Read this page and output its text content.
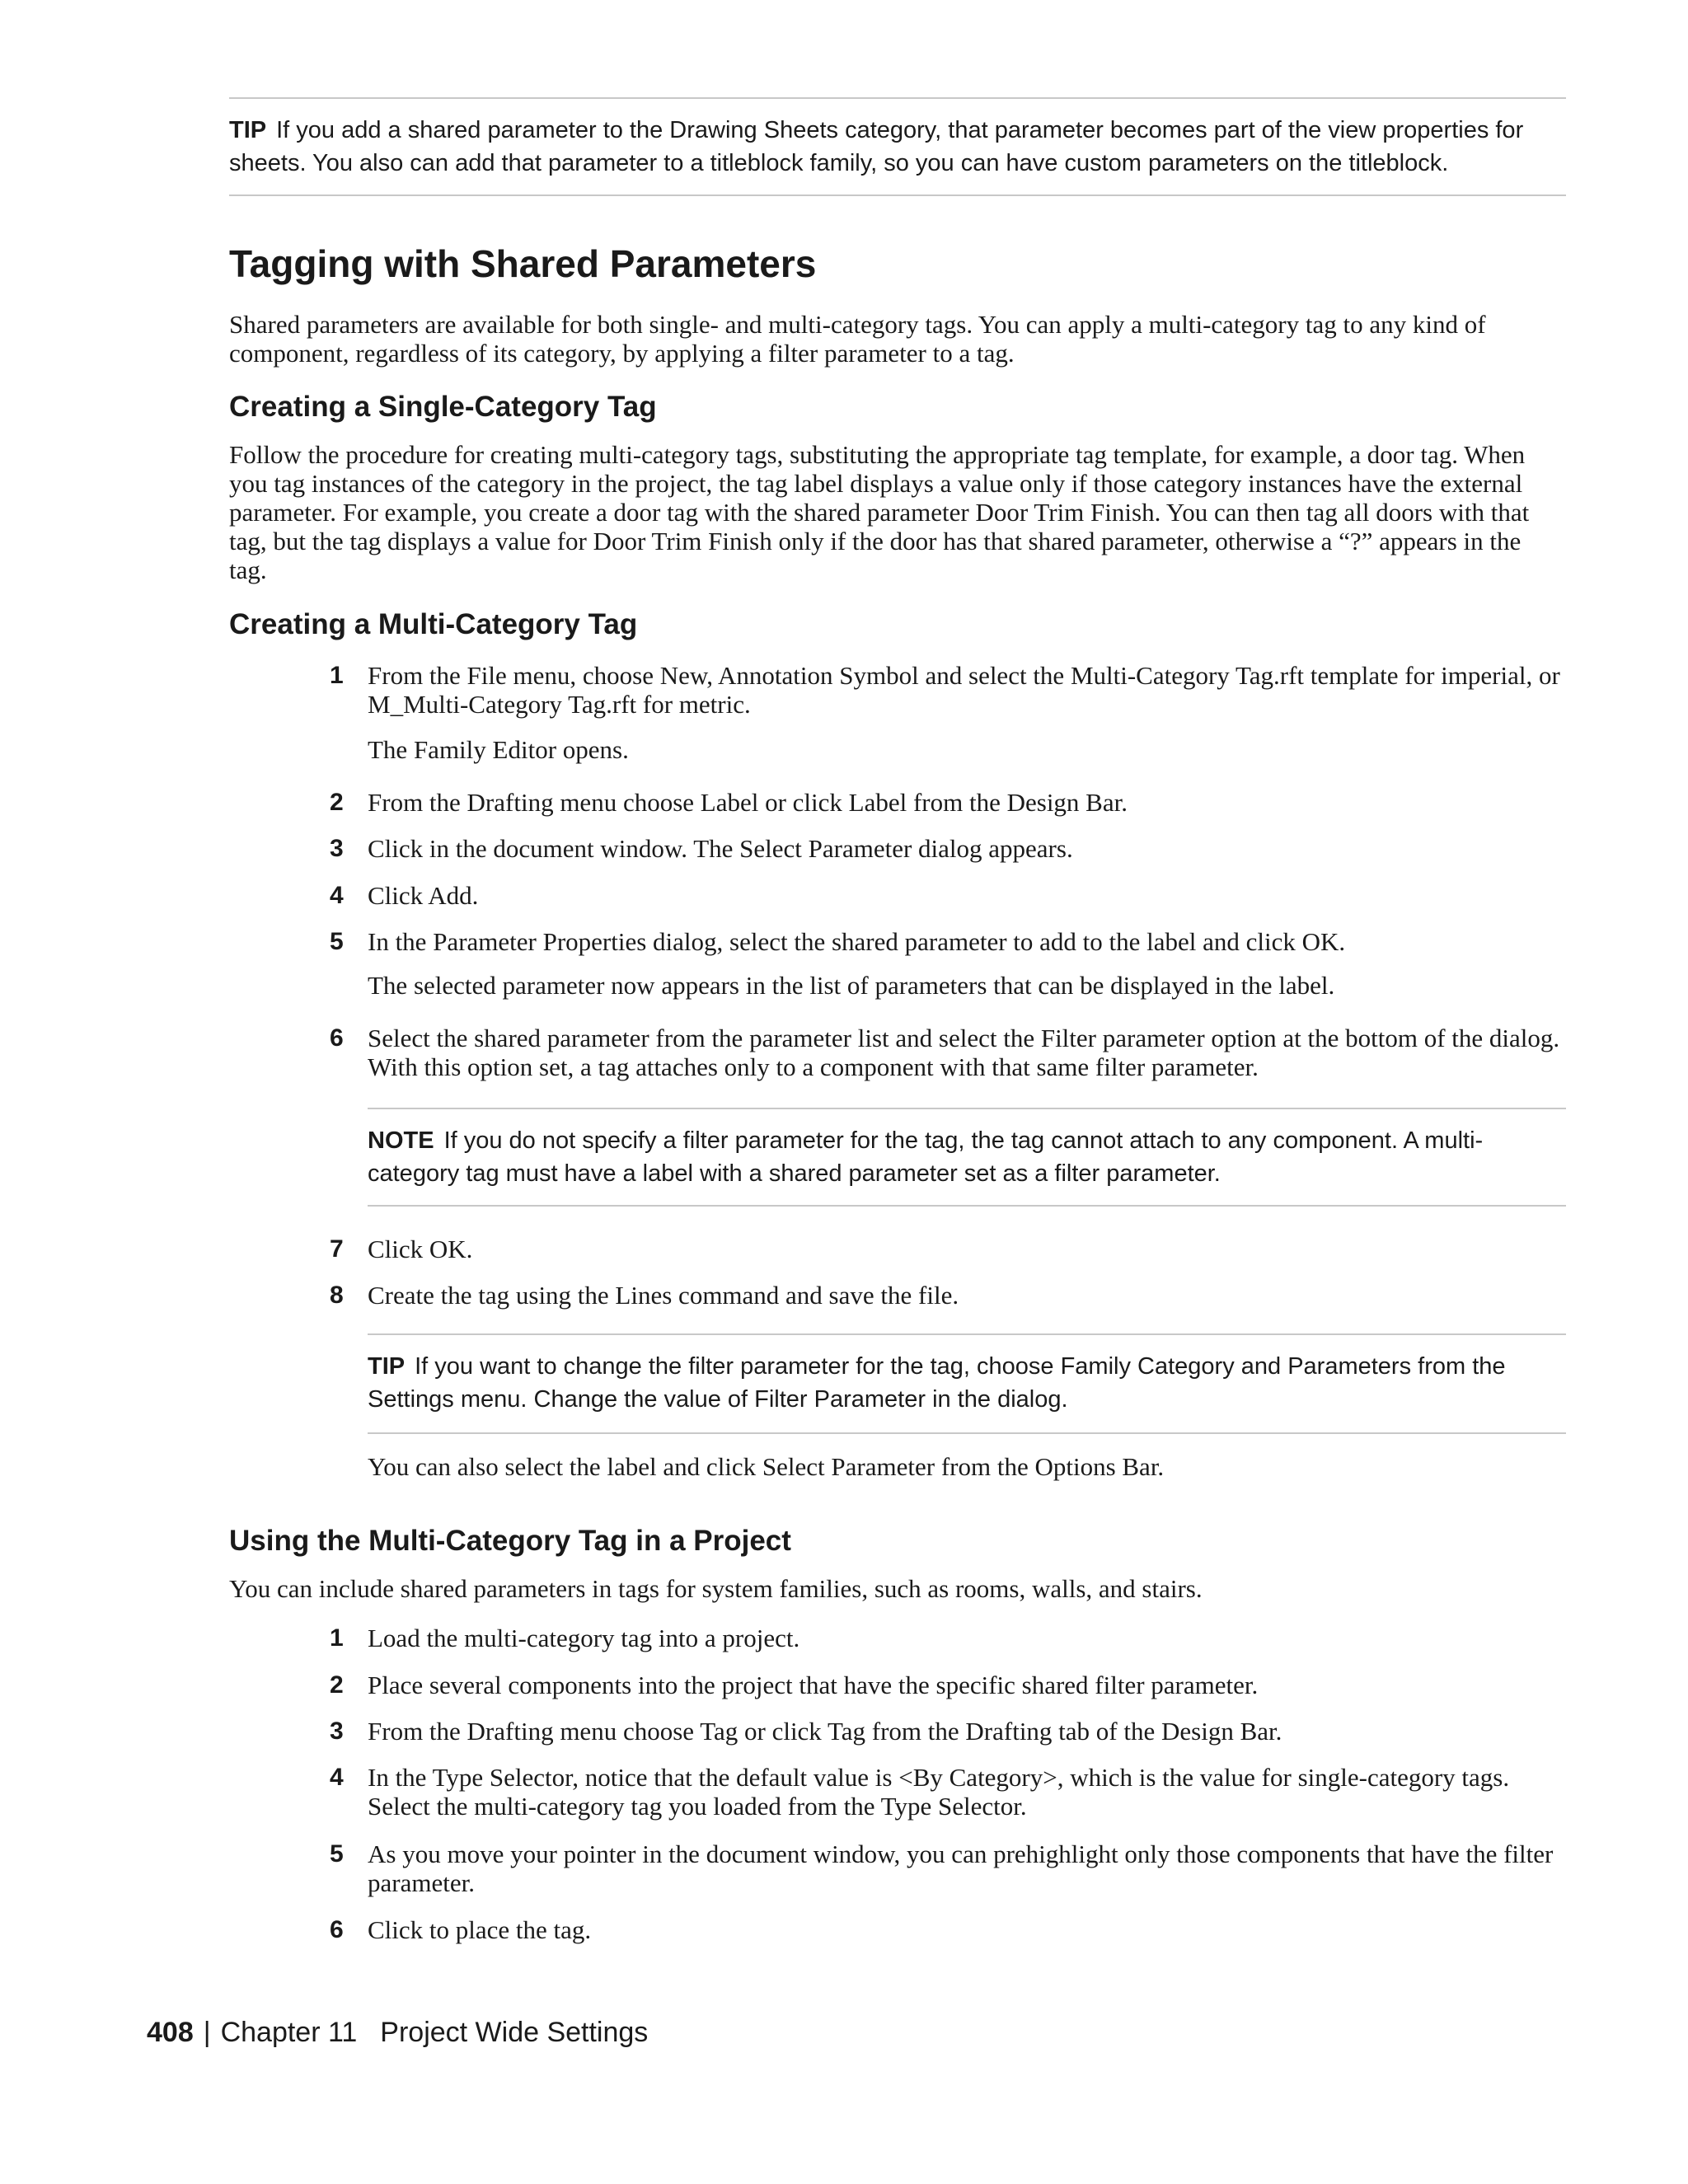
TIP If you add a shared parameter to the Drawing Sheets category, that parameter becomes part of the view properties for sheets. You also can add that parameter to a titleblock family, so you can have custom parameters on the titleblock.
Tagging with Shared Parameters

Shared parameters are available for both single- and multi-category tags. You can apply a multi-category tag to any kind of component, regardless of its category, by applying a filter parameter to a tag.

Creating a Single-Category Tag

Follow the procedure for creating multi-category tags, substituting the appropriate tag template, for example, a door tag. When you tag instances of the category in the project, the tag label displays a value only if those category instances have the external parameter. For example, you create a door tag with the shared parameter Door Trim Finish. You can then tag all doors with that tag, but the tag displays a value for Door Trim Finish only if the door has that shared parameter, otherwise a “?” appears in the tag.

Creating a Multi-Category Tag
1 From the File menu, choose New, Annotation Symbol and select the Multi-Category Tag.rft template for imperial, or M_Multi-Category Tag.rft for metric.

The Family Editor opens.

2 From the Drafting menu choose Label or click Label from the Design Bar.
3 Click in the document window. The Select Parameter dialog appears.
4 Click Add.
5 In the Parameter Properties dialog, select the shared parameter to add to the label and click OK.

The selected parameter now appears in the list of parameters that can be displayed in the label.

6 Select the shared parameter from the parameter list and select the Filter parameter option at the bottom of the dialog. With this option set, a tag attaches only to a component with that same filter parameter.
NOTE If you do not specify a filter parameter for the tag, the tag cannot attach to any component. A multi-category tag must have a label with a shared parameter set as a filter parameter.
7 Click OK.
8 Create the tag using the Lines command and save the file.
TIP If you want to change the filter parameter for the tag, choose Family Category and Parameters from the Settings menu. Change the value of Filter Parameter in the dialog.

You can also select the label and click Select Parameter from the Options Bar.

Using the Multi-Category Tag in a Project

You can include shared parameters in tags for system families, such as rooms, walls, and stairs.

1 Load the multi-category tag into a project.
2 Place several components into the project that have the specific shared filter parameter.
3 From the Drafting menu choose Tag or click Tag from the Drafting tab of the Design Bar.
4 In the Type Selector, notice that the default value is <By Category>, which is the value for single-category tags. Select the multi-category tag you loaded from the Type Selector.
5 As you move your pointer in the document window, you can prehighlight only those components that have the filter parameter.
6 Click to place the tag.
408 | Chapter 11 Project Wide Settings
